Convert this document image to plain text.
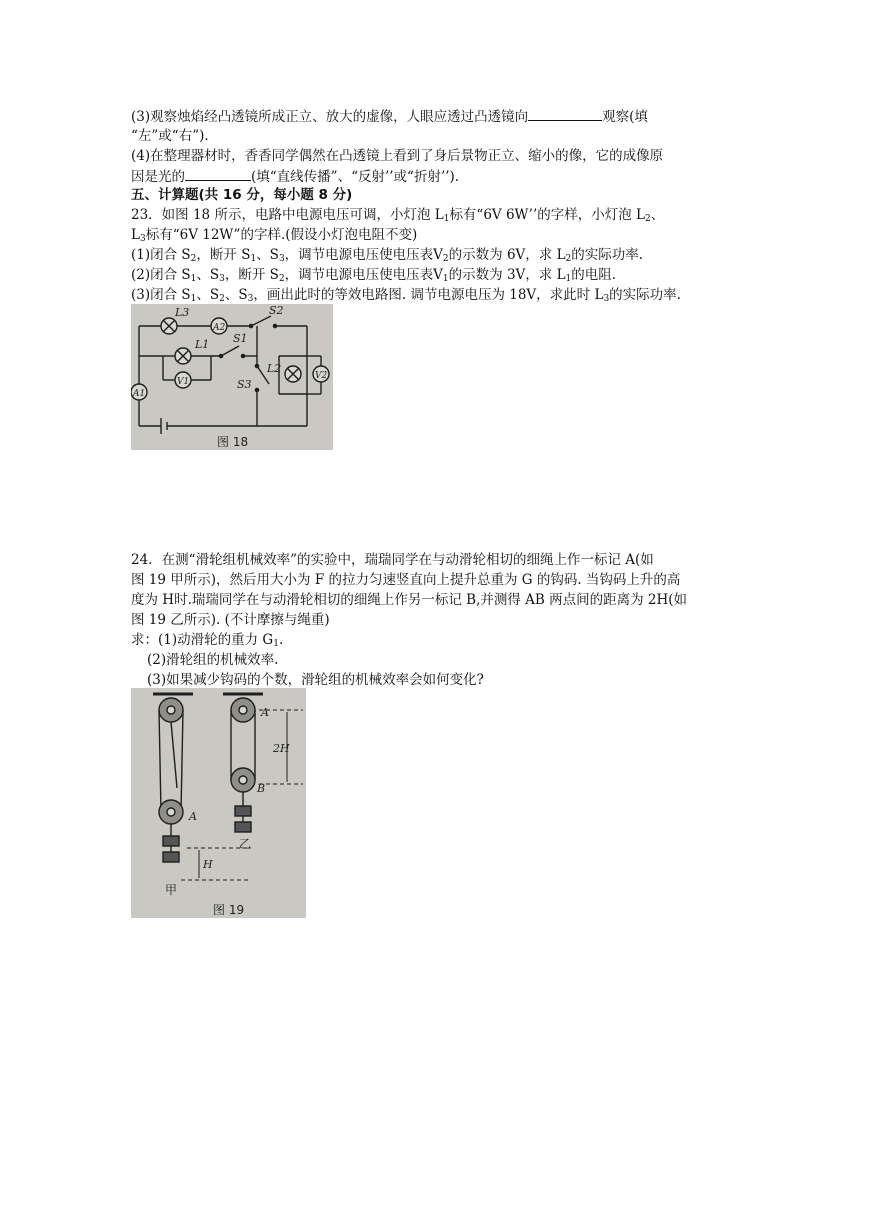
(3)观察烛焰经凸透镜所成正立、放大的虚像，人眼应透过凸透镜向	观察(填
“左”或“右”).
(4)在整理器材时，香香同学偶然在凸透镜上看到了身后景物正立、缩小的像，它的成像原
因是光的	(填“直线传播”、“反射’’或“折射’’).
五、计算题(共 16 分，每小题 8 分)
23．如图 18 所示，电路中电源电压可调，小灯泡 $L_1$标有“6V 6W’’的字样，小灯泡 $L_2$、
$L_3$标有“6V 12W”的字样.(假设小灯泡电阻不变)
(1)闭合 $S_2$，断开 $S_1$、$S_3$，调节电源电压使电压表$V_2$的示数为 6V，求 $L_2$的实际功率.
(2)闭合 $S_1$、$S_3$，断开 $S_2$，调节电源电压使电压表$V_1$的示数为 3V，求 $L_1$的电阻.
(3)闭合 $S_1$、$S_2$、$S_3$，画出此时的等效电路图. 调节电源电压为 18V，求此时 $L_3$的实际功率.
L3
A2
S2
L1 S1
L2
V2
V1	S3
A1
图 18
24．在测“滑轮组机械效率”的实验中，瑞瑞同学在与动滑轮相切的细绳上作一标记 A(如
图 19 甲所示)，然后用大小为 F 的拉力匀速竖直向上提升总重为 G 的钩码. 当钩码上升的高
度为 H时.瑞瑞同学在与动滑轮相切的细绳上作另一标记 B,并测得 AB 两点间的距离为 2H(如
图 19 乙所示). (不计摩擦与绳重)
求：(1)动滑轮的重力 $G_1$.
(2)滑轮组的机械效率.
(3)如果减少钩码的个数，滑轮组的机械效率会如何变化?
A
A
2H
B
H
乙
甲
图 19
